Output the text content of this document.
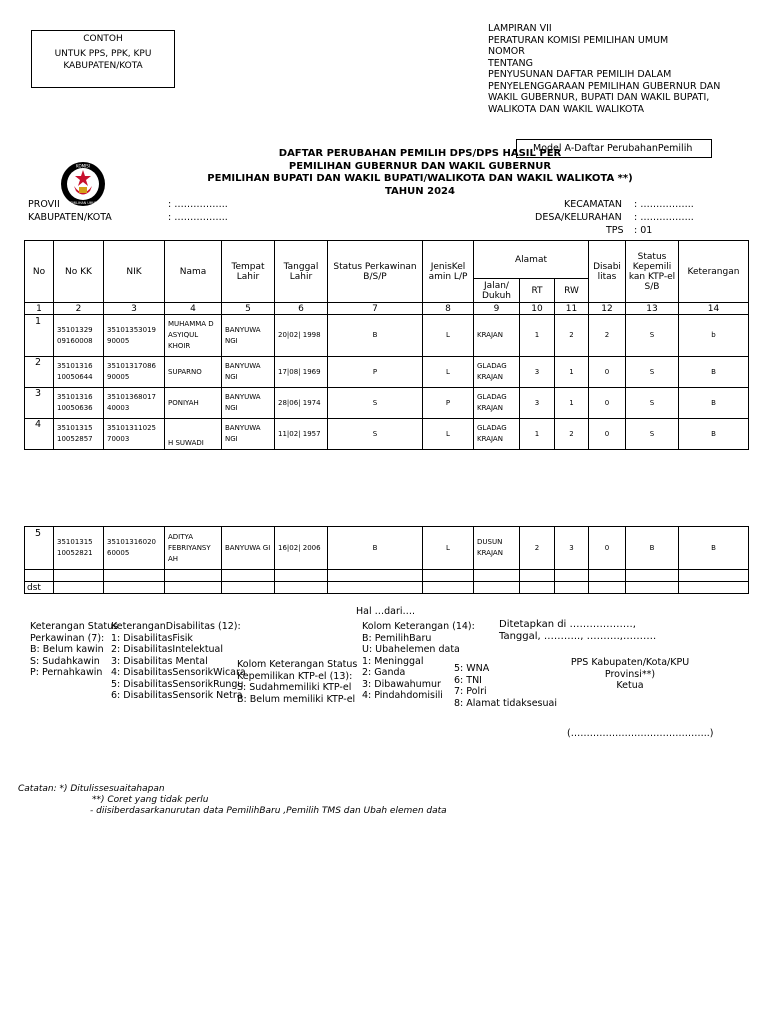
CONTOH
UNTUK PPS, PPK, KPU
KABUPATEN/KOTA
LAMPIRAN VII
PERATURAN KOMISI PEMILIHAN UMUM
NOMOR
TENTANG
PENYUSUNAN DAFTAR PEMILIH DALAM
PENYELENGGARAAN PEMILIHAN GUBERNUR DAN
WAKIL GUBERNUR, BUPATI DAN WAKIL BUPATI,
WALIKOTA DAN WAKIL WALIKOTA
Model A-Daftar PerubahanPemilih
DAFTAR PERUBAHAN PEMILIH DPS/DPS HASIL PER
PEMILIHAN GUBERNUR DAN WAKIL GUBERNUR
PEMILIHAN BUPATI DAN WAKIL BUPATI/WALIKOTA DAN WAKIL WALIKOTA **)
TAHUN 2024
KOMISI
PEMILIHAN UMUM
PROVII	: ……………..
KABUPATEN/KOTA	: ……………..
KECAMATAN : ……………..
DESA/KELURAHAN : ……………..
TPS : 01
No	No KK	NIK	Nama	Tempat Lahir	Tanggal Lahir	Status Perkawinan B/S/P	JenisKel amin L/P	Alamat			Disabi litas	Status Kepemili kan KTP-el S/B	Keterangan
								Jalan/ Dukuh	RT	RW			
1	2	3	4	5	6	7	8	9	10	11	12	13	14
1	35101329 09160008	35101353019 90005	MUHAMMA D ASYIQUL KHOIR	BANYUWA NGI	20|02| 1998	B	L	KRAJAN	1	2	2	S	b
2	35101316 10050644	35101317086 90005	SUPARNO	BANYUWA NGI	17|08| 1969	P	L	GLADAG KRAJAN	3	1	0	S	B
3	35101316 10050636	35101368017 40003	PONIYAH	BANYUWA NGI	28|06| 1974	S	P	GLADAG KRAJAN	3	1	0	S	B
4	35101315 10052857	35101311025 70003	H SUWADI	BANYUWA NGI	11|02| 1957	S	L	GLADAG KRAJAN	1	2	0	S	B
5	35101315 10052821	35101316020 60005	ADITYA FEBRIYANSY AH	BANYUWA GI	16|02| 2006	B	L	DUSUN KRAJAN	2	3	0	B	B

dst													
Hal …dari….
Keterangan Status
Perkawinan (7):
B: Belum kawin
S: Sudahkawin
P: Pernahkawin
KeteranganDisabilitas (12):
1: DisabilitasFisik
2: DisabilitasIntelektual
3: Disabilitas Mental
4: DisabilitasSensorikWicara
5: DisabilitasSensorikRungu
6: DisabilitasSensorik Netra
Kolom Keterangan Status
Kepemilikan KTP-el (13):
S: Sudahmemiliki KTP-el
B: Belum memiliki KTP-el
Kolom Keterangan (14):
B: PemilihBaru
U: Ubahelemen data
1: Meninggal
2: Ganda
3: Dibawahumur
4: Pindahdomisili
5: WNA
6: TNI
7: Polri
8: Alamat tidaksesuai
Ditetapkan di ……………….,
Tanggal, ……….., ……….,……….
PPS Kabupaten/Kota/KPU
Provinsi**)
Ketua
(……………………………………..)
Catatan: *) Ditulissesuaitahapan
**) Coret yang tidak perlu
- diisiberdasarkanurutan data PemilihBaru ,Pemilih TMS dan Ubah elemen data
